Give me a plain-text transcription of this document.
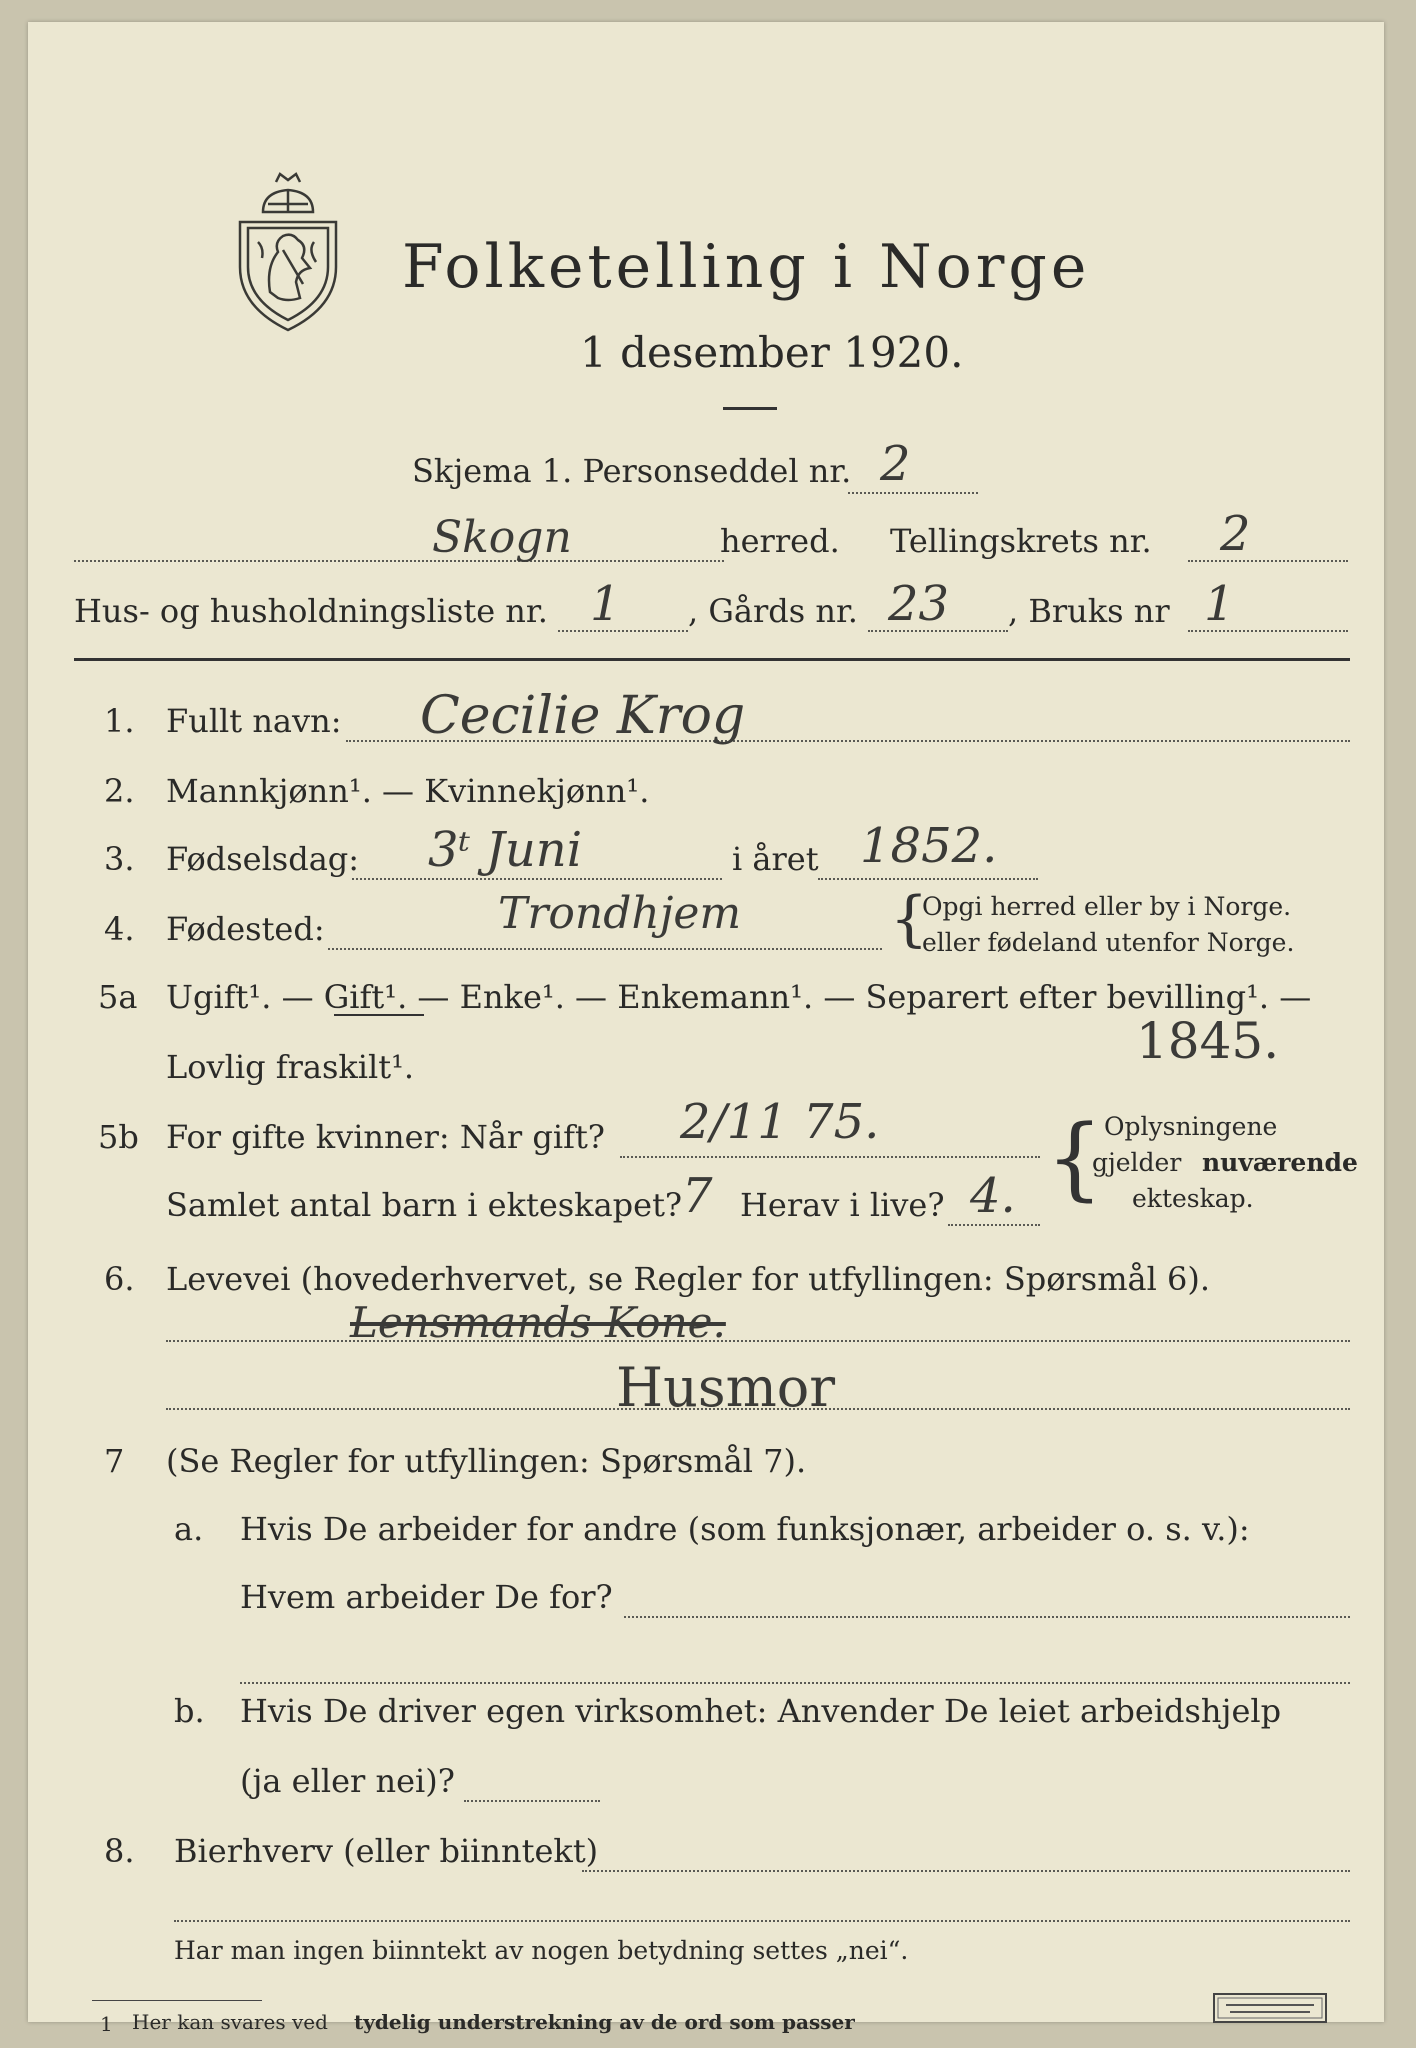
Folketelling i Norge
1 desember 1920.
Skjema 1. Personseddel nr. 2
Skogn	herred. Tellingskrets nr. 2
Hus- og husholdningsliste nr. 1 , Gårds nr. 23 , Bruks nr 1
1. Fullt navn: Cecilie Krog
2. Mannkjønn¹. — Kvinnekjønn¹.
3. Fødselsdag: 3ᵗ Juni	i året 1852.
4. Fødested:	Trondhjem {
Opgi herred eller by i Norge.
eller fødeland utenfor Norge.
5a Ugift¹. — Gift¹. — Enke¹. — Enkemann¹. — Separert efter bevilling¹. —
Lovlig fraskilt¹.	1845.
5b For gifte kvinner: Når gift? 2/11 75.
Samlet antal barn i ekteskapet? 7 Herav i live? 4. { Oplysningene
gjelder nuværende
ekteskap.
6. Levevei (hovederhvervet, se Regler for utfyllingen: Spørsmål 6).
Lensmands Kone.
Husmor
7 (Se Regler for utfyllingen: Spørsmål 7).
a. Hvis De arbeider for andre (som funksjonær, arbeider o. s. v.):
Hvem arbeider De for?
b. Hvis De driver egen virksomhet: Anvender De leiet arbeidshjelp
(ja eller nei)?
8. Bierhverv (eller biinntekt)
Har man ingen biinntekt av nogen betydning settes „nei“.
1 Her kan svares ved tydelig understrekning av de ord som passer
